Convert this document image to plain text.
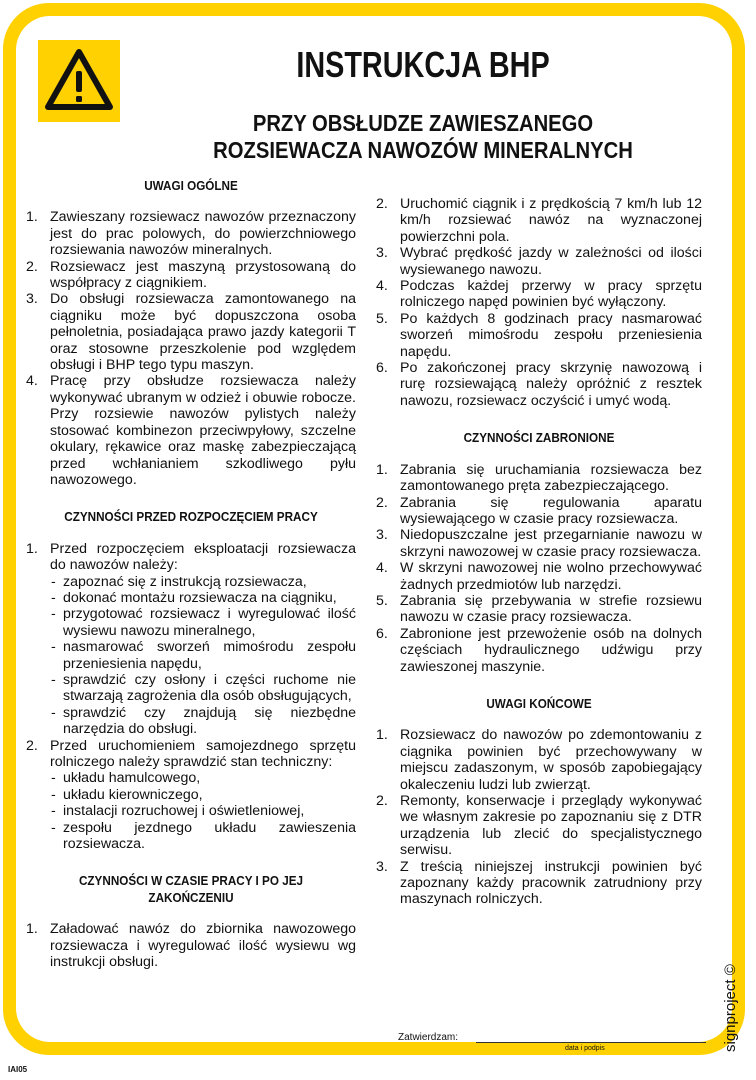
INSTRUKCJA BHP
PRZY OBSŁUDZE ZAWIESZANEGO
ROZSIEWACZA NAWOZÓW MINERALNYCH
UWAGI OGÓLNE
1. Zawieszany rozsiewacz nawozów przeznaczony jest do prac polowych, do powierzchniowego rozsiewania nawozów mineralnych.
2. Rozsiewacz jest maszyną przystosowaną do współpracy z ciągnikiem.
3. Do obsługi rozsiewacza zamontowanego na ciągniku może być dopuszczona osoba pełnoletnia, posiadająca prawo jazdy kategorii T oraz stosowne przeszkolenie pod względem obsługi i BHP tego typu maszyn.
4. Pracę przy obsłudze rozsiewacza należy wykonywać ubranym w odzież i obuwie robocze. Przy rozsiewie nawozów pylistych należy stosować kombinezon przeciwpyłowy, szczelne okulary, rękawice oraz maskę zabezpieczającą przed wchłanianiem szkodliwego pyłu nawozowego.
CZYNNOŚCI PRZED ROZPOCZĘCIEM PRACY
1. Przed rozpoczęciem eksploatacji rozsiewacza do nawozów należy:
- zapoznać się z instrukcją rozsiewacza,
- dokonać montażu rozsiewacza na ciągniku,
- przygotować rozsiewacz i wyregulować ilość wysiewu nawozu mineralnego,
- nasmarować sworzeń mimośrodu zespołu przeniesienia napędu,
- sprawdzić czy osłony i części ruchome nie stwarzają zagrożenia dla osób obsługujących,
- sprawdzić czy znajdują się niezbędne narzędzia do obsługi.
2. Przed uruchomieniem samojezdnego sprzętu rolniczego należy sprawdzić stan techniczny:
- układu hamulcowego,
- układu kierowniczego,
- instalacji rozruchowej i oświetleniowej,
- zespołu jezdnego układu zawieszenia rozsiewacza.
CZYNNOŚCI W CZASIE PRACY I PO JEJ ZAKOŃCZENIU
1. Załadować nawóz do zbiornika nawozowego rozsiewacza i wyregulować ilość wysiewu wg instrukcji obsługi.
2. Uruchomić ciągnik i z prędkością 7 km/h lub 12 km/h rozsiewać nawóz na wyznaczonej powierzchni pola.
3. Wybrać prędkość jazdy w zależności od ilości wysiewanego nawozu.
4. Podczas każdej przerwy w pracy sprzętu rolniczego napęd powinien być wyłączony.
5. Po każdych 8 godzinach pracy nasmarować sworzeń mimośrodu zespołu przeniesienia napędu.
6. Po zakończonej pracy skrzynię nawozową i rurę rozsiewającą należy opróżnić z resztek nawozu, rozsiewacz oczyścić i umyć wodą.
CZYNNOŚCI ZABRONIONE
1. Zabrania się uruchamiania rozsiewacza bez zamontowanego pręta zabezpieczającego.
2. Zabrania się regulowania aparatu wysiewającego w czasie pracy rozsiewacza.
3. Niedopuszczalne jest przegarnianie nawozu w skrzyni nawozowej w czasie pracy rozsiewacza.
4. W skrzyni nawozowej nie wolno przechowywać żadnych przedmiotów lub narzędzi.
5. Zabrania się przebywania w strefie rozsiewu nawozu w czasie pracy rozsiewacza.
6. Zabronione jest przewożenie osób na dolnych częściach hydraulicznego udźwigu przy zawieszonej maszynie.
UWAGI KOŃCOWE
1. Rozsiewacz do nawozów po zdemontowaniu z ciągnika powinien być przechowywany w miejscu zadaszonym, w sposób zapobiegający okaleczeniu ludzi lub zwierząt.
2. Remonty, konserwacje i przeglądy wykonywać we własnym zakresie po zapoznaniu się z DTR urządzenia lub zlecić do specjalistycznego serwisu.
3. Z treścią niniejszej instrukcji powinien być zapoznany każdy pracownik zatrudniony przy maszynach rolniczych.
Zatwierdzam:
data i podpis	signproject ©
IAI05
